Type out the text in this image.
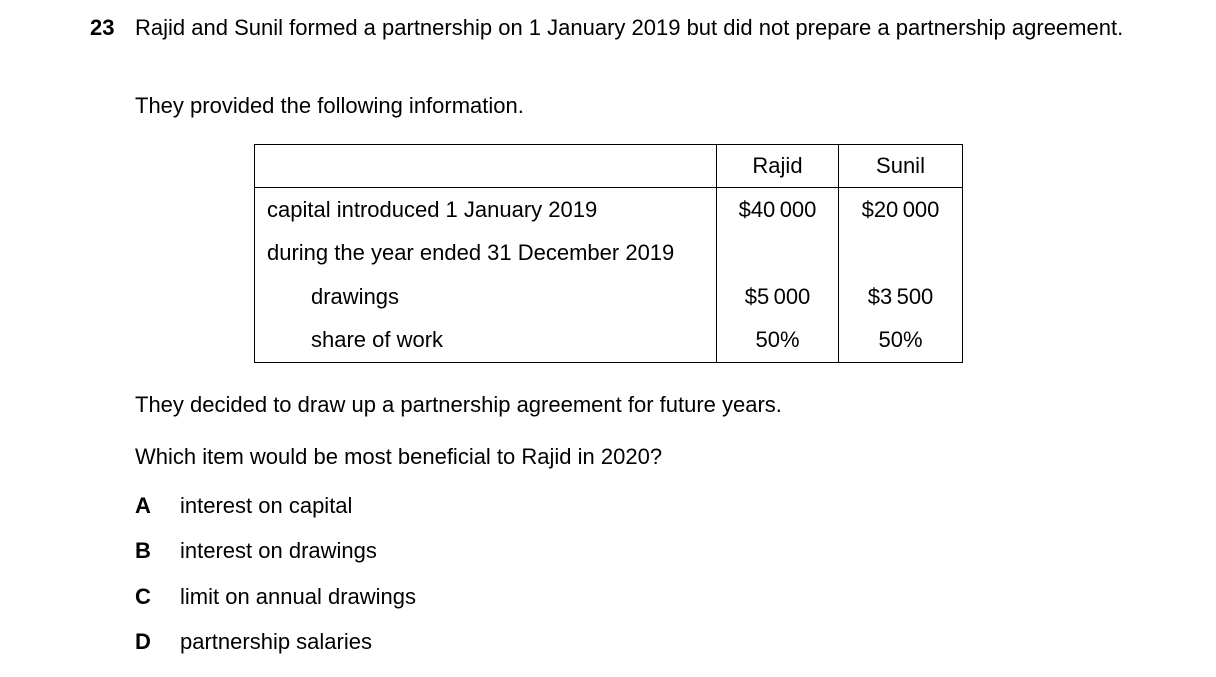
23 Rajid and Sunil formed a partnership on 1 January 2019 but did not prepare a partnership agreement.
They provided the following information.
	Rajid	Sunil
capital introduced 1 January 2019	$40 000	$20 000
during the year ended 31 December 2019		
drawings	$5 000	$3 500
share of work	50%	50%
They decided to draw up a partnership agreement for future years.
Which item would be most beneficial to Rajid in 2020?
A interest on capital
B interest on drawings
C limit on annual drawings
D partnership salaries
